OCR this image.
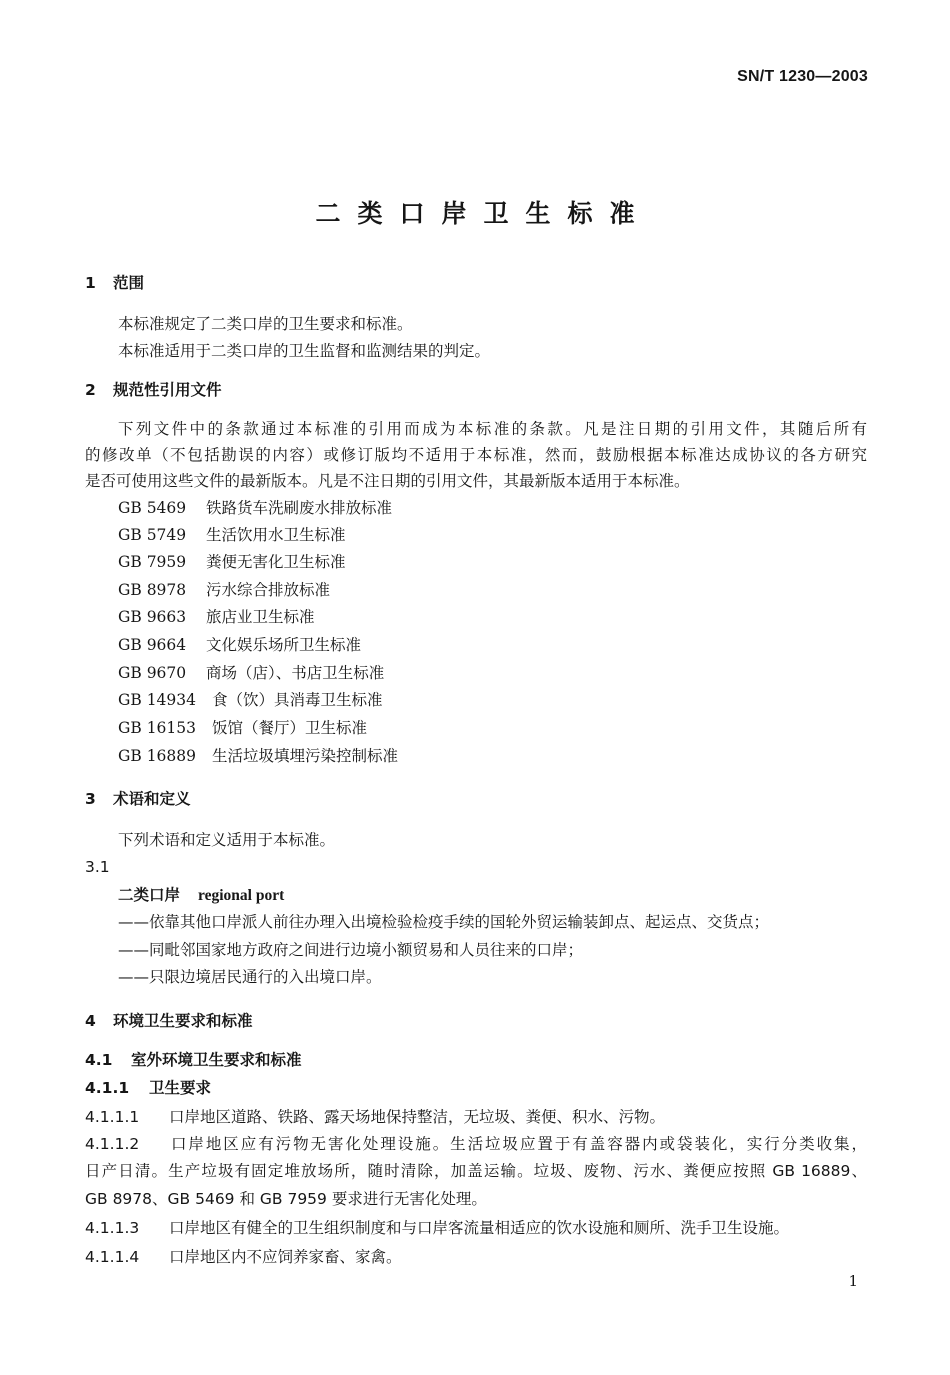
SN/T 1230—2003
二类口岸卫生标准
1 范围
本标准规定了二类口岸的卫生要求和标准。
本标准适用于二类口岸的卫生监督和监测结果的判定。
2 规范性引用文件
下列文件中的条款通过本标准的引用而成为本标准的条款。凡是注日期的引用文件，其随后所有
的修改单（不包括勘误的内容）或修订版均不适用于本标准，然而，鼓励根据本标准达成协议的各方研究
是否可使用这些文件的最新版本。凡是不注日期的引用文件，其最新版本适用于本标准。
GB 5469 铁路货车洗刷废水排放标准
GB 5749 生活饮用水卫生标准
GB 7959 粪便无害化卫生标准
GB 8978 污水综合排放标准
GB 9663 旅店业卫生标准
GB 9664 文化娱乐场所卫生标准
GB 9670 商场（店）、书店卫生标准
GB 14934 食（饮）具消毒卫生标准
GB 16153 饭馆（餐厅）卫生标准
GB 16889 生活垃圾填埋污染控制标准
3 术语和定义
下列术语和定义适用于本标准。
3.1
二类口岸 regional port
——依靠其他口岸派人前往办理入出境检验检疫手续的国轮外贸运输装卸点、起运点、交货点；
——同毗邻国家地方政府之间进行边境小额贸易和人员往来的口岸；
——只限边境居民通行的入出境口岸。
4 环境卫生要求和标准
4.1 室外环境卫生要求和标准
4.1.1 卫生要求
4.1.1.1 口岸地区道路、铁路、露天场地保持整洁，无垃圾、粪便、积水、污物。
4.1.1.2 口岸地区应有污物无害化处理设施。生活垃圾应置于有盖容器内或袋装化，实行分类收集，
日产日清。生产垃圾有固定堆放场所，随时清除，加盖运输。垃圾、废物、污水、粪便应按照 GB 16889、
GB 8978、GB 5469 和 GB 7959 要求进行无害化处理。
4.1.1.3 口岸地区有健全的卫生组织制度和与口岸客流量相适应的饮水设施和厕所、洗手卫生设施。
4.1.1.4 口岸地区内不应饲养家畜、家禽。
1
